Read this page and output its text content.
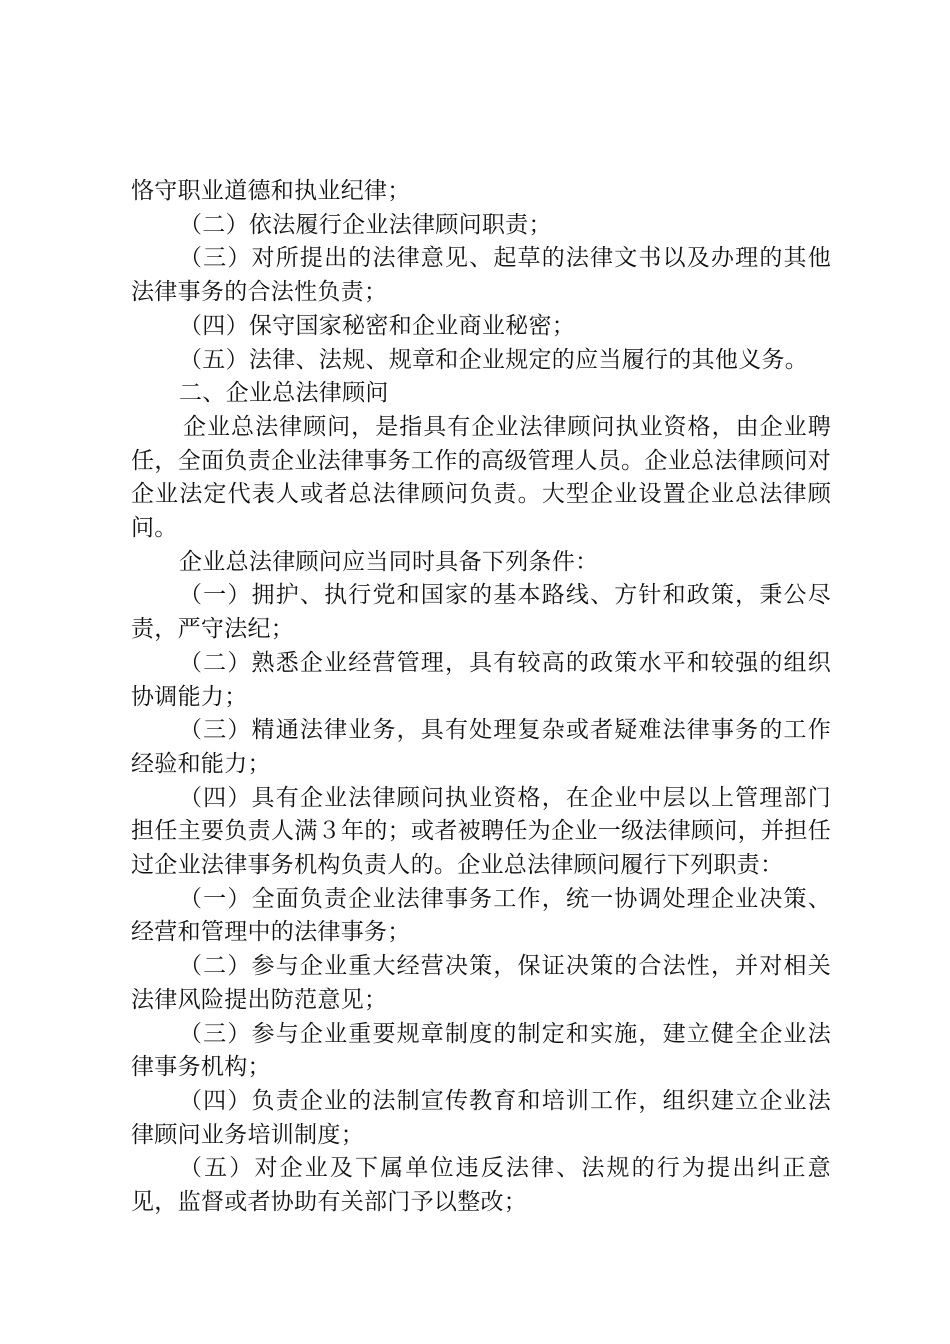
恪守职业道德和执业纪律；

（二）依法履行企业法律顾问职责；

（三）对所提出的法律意见、起草的法律文书以及办理的其他法律事务的合法性负责；

（四）保守国家秘密和企业商业秘密；

（五）法律、法规、规章和企业规定的应当履行的其他义务。

二、企业总法律顾问

企业总法律顾问，是指具有企业法律顾问执业资格，由企业聘任，全面负责企业法律事务工作的高级管理人员。企业总法律顾问对企业法定代表人或者总法律顾问负责。大型企业设置企业总法律顾问。

企业总法律顾问应当同时具备下列条件：

（一）拥护、执行党和国家的基本路线、方针和政策，秉公尽责，严守法纪；

（二）熟悉企业经营管理，具有较高的政策水平和较强的组织协调能力；

（三）精通法律业务，具有处理复杂或者疑难法律事务的工作经验和能力；

（四）具有企业法律顾问执业资格，在企业中层以上管理部门担任主要负责人满３年的；或者被聘任为企业一级法律顾问，并担任过企业法律事务机构负责人的。企业总法律顾问履行下列职责：

（一）全面负责企业法律事务工作，统一协调处理企业决策、经营和管理中的法律事务；

（二）参与企业重大经营决策，保证决策的合法性，并对相关法律风险提出防范意见；

（三）参与企业重要规章制度的制定和实施，建立健全企业法律事务机构；

（四）负责企业的法制宣传教育和培训工作，组织建立企业法律顾问业务培训制度；

（五）对企业及下属单位违反法律、法规的行为提出纠正意见，监督或者协助有关部门予以整改；
